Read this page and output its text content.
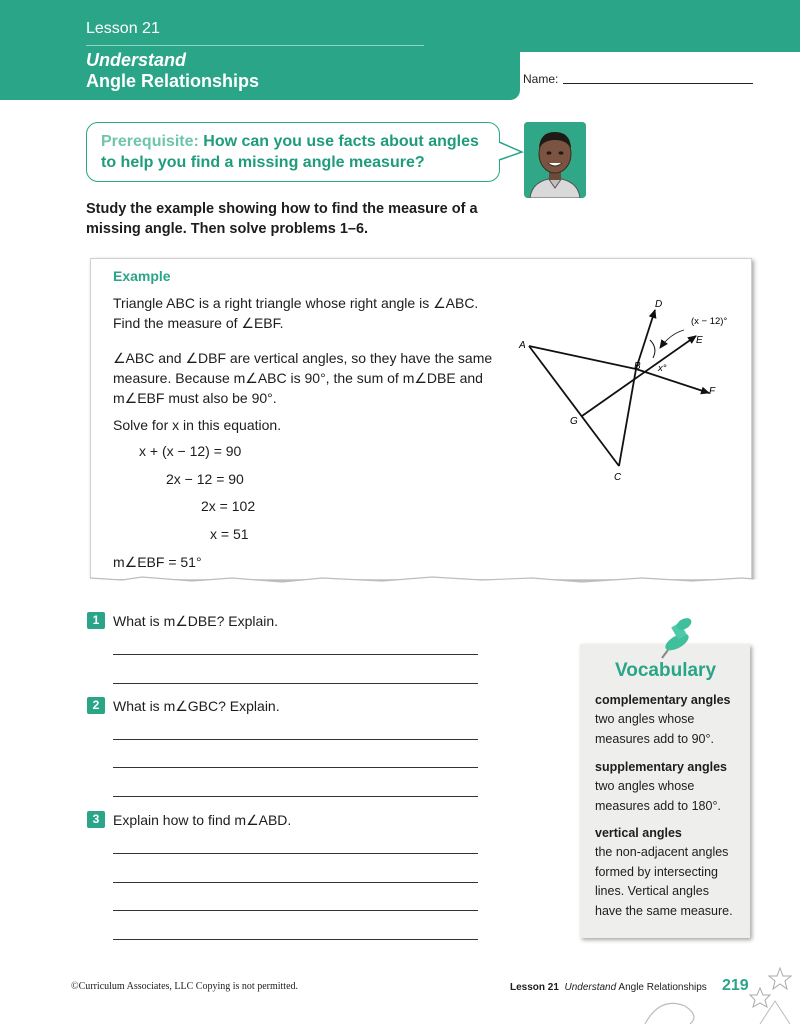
Lesson 21
Understand
Angle Relationships	Name:
Prerequisite: How can you use facts about angles to help you find a missing angle measure?
Study the example showing how to find the measure of a missing angle. Then solve problems 1–6.
Example
Triangle ABC is a right triangle whose right angle is ∠ABC.
Find the measure of ∠EBF.
∠ABC and ∠DBF are vertical angles, so they have the same
measure. Because m∠ABC is 90°, the sum of m∠DBE and
m∠EBF must also be 90°.
Solve for x in this equation.
x + (x − 12) = 90
2x − 12 = 90
2x = 102
x = 51
m∠EBF = 51°
A
B
C
D
E
F
G
(x − 12)°
x°
1 What is m∠DBE? Explain.
2 What is m∠GBC? Explain.
3 Explain how to find m∠ABD.
Vocabulary
complementary angles
two angles whose
measures add to 90°.
supplementary angles
two angles whose
measures add to 180°.
vertical angles
the non-adjacent angles
formed by intersecting
lines. Vertical angles
have the same measure.
©Curriculum Associates, LLC Copying is not permitted.	Lesson 21 Understand Angle Relationships 219
